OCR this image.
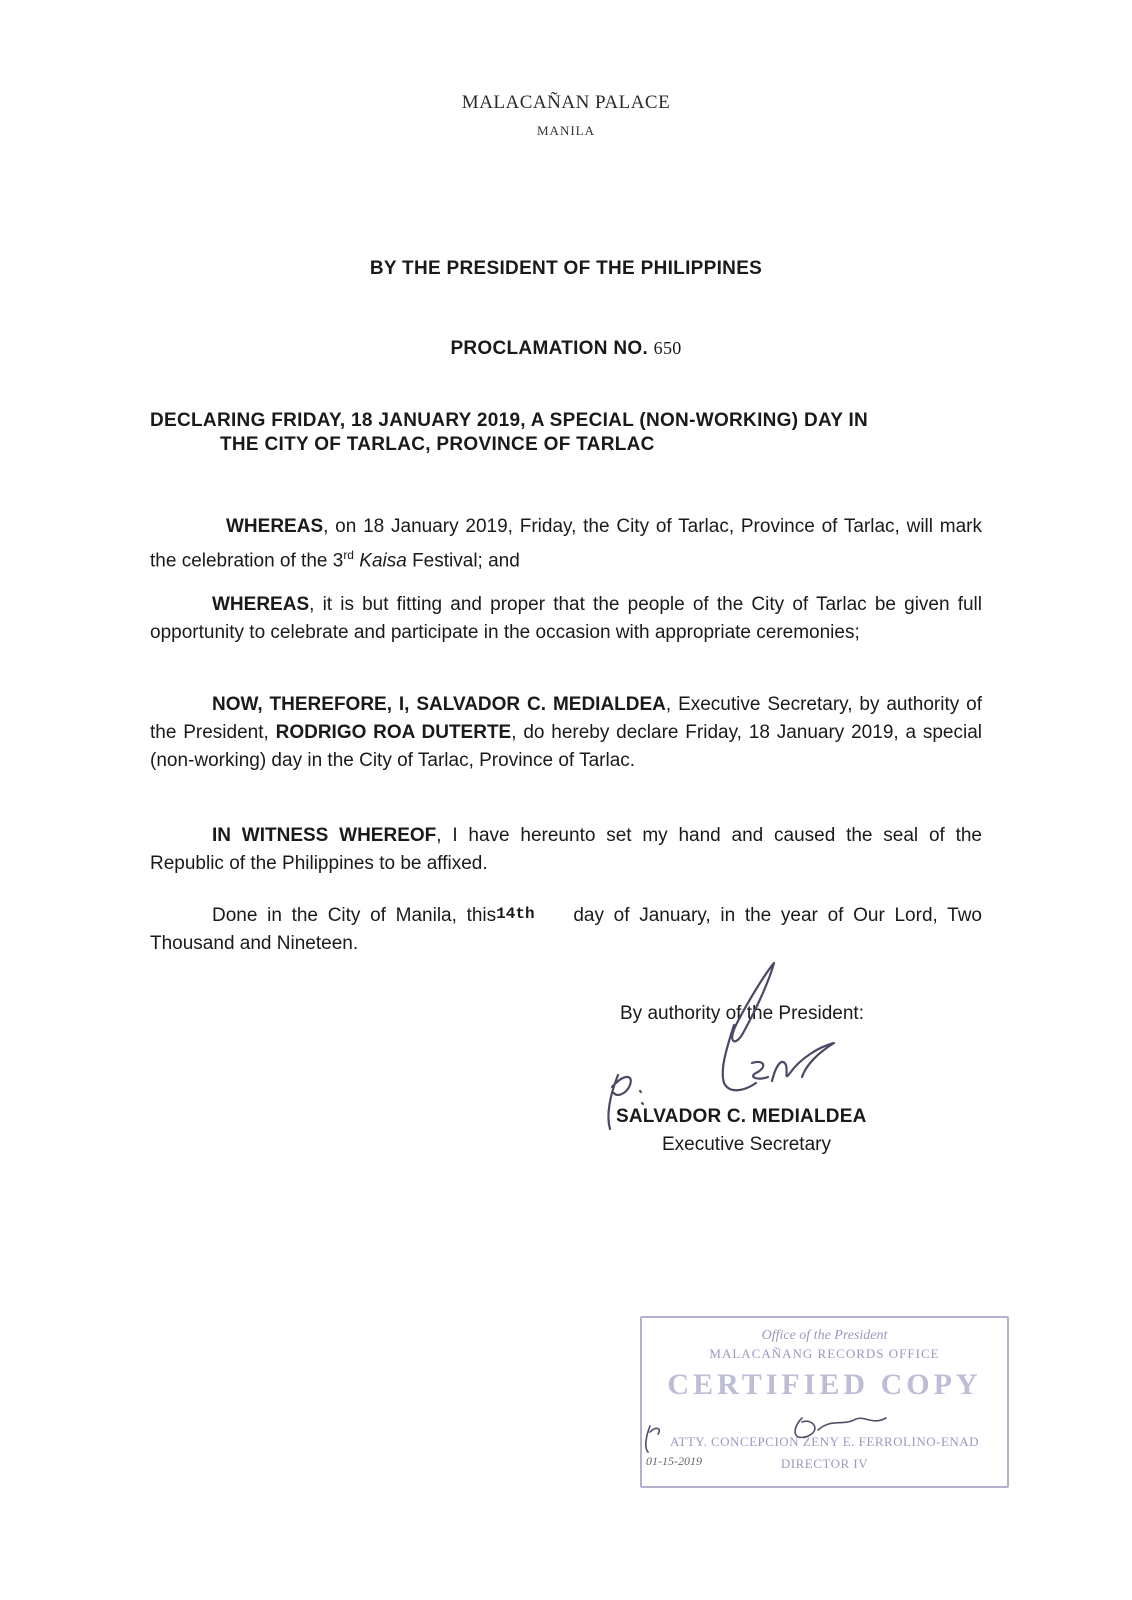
MALACAÑAN PALACE
MANILA
BY THE PRESIDENT OF THE PHILIPPINES
PROCLAMATION NO. 650
DECLARING FRIDAY, 18 JANUARY 2019, A SPECIAL (NON-WORKING) DAY IN
THE CITY OF TARLAC, PROVINCE OF TARLAC
WHEREAS, on 18 January 2019, Friday, the City of Tarlac, Province of Tarlac, will mark the celebration of the 3rd Kaisa Festival; and
WHEREAS, it is but fitting and proper that the people of the City of Tarlac be given full opportunity to celebrate and participate in the occasion with appropriate ceremonies;
NOW, THEREFORE, I, SALVADOR C. MEDIALDEA, Executive Secretary, by authority of the President, RODRIGO ROA DUTERTE, do hereby declare Friday, 18 January 2019, a special (non-working) day in the City of Tarlac, Province of Tarlac.
IN WITNESS WHEREOF, I have hereunto set my hand and caused the seal of the Republic of the Philippines to be affixed.
Done in the City of Manila, this14th day of January, in the year of Our Lord, Two Thousand and Nineteen.
By authority of the President:
SALVADOR C. MEDIALDEA
Executive Secretary
Office of the President
MALACAÑANG RECORDS OFFICE
CERTIFIED COPY
ATTY. CONCEPCION ZENY E. FERROLINO-ENAD
DIRECTOR IV
01-15-2019
